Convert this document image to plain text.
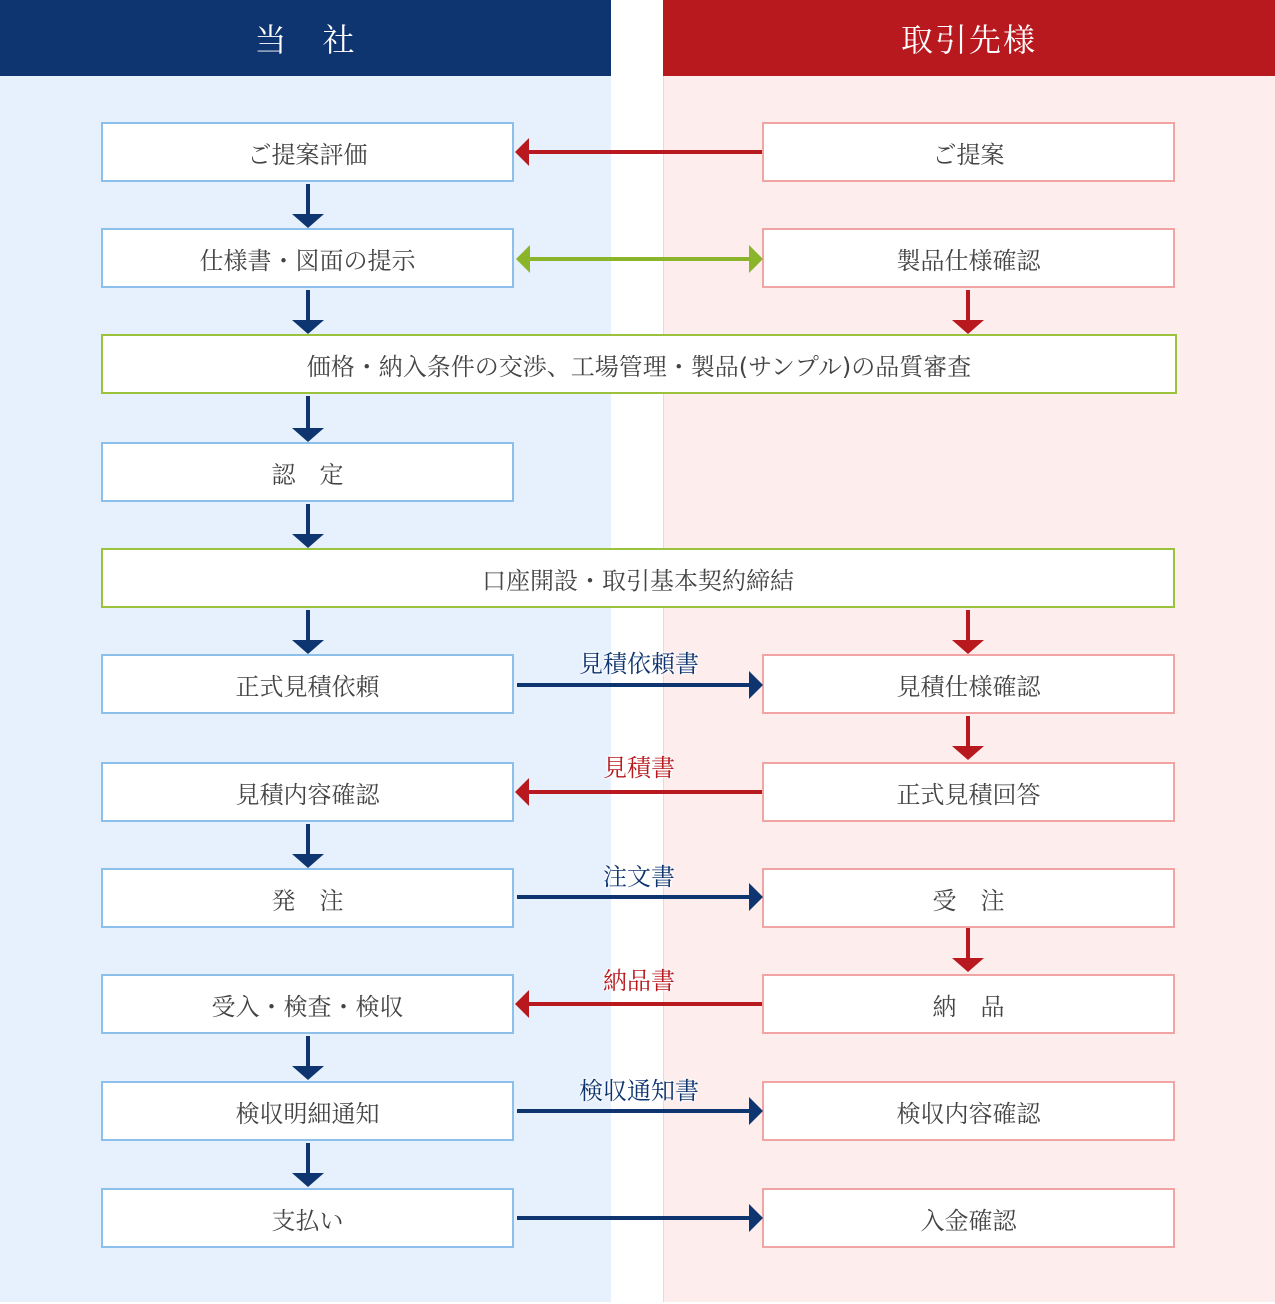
当　社	取引先様
ご提案評価	ご提案
仕様書・図面の提示	製品仕様確認
価格・納入条件の交渉、工場管理・製品(サンプル)の品質審査
認　定
口座開設・取引基本契約締結
正式見積依頼	見積仕様確認
見積依頼書
見積内容確認	正式見積回答
見積書
発　注	受　注
注文書
受入・検査・検収	納　品
納品書
検収明細通知	検収内容確認
検収通知書
支払い	入金確認
